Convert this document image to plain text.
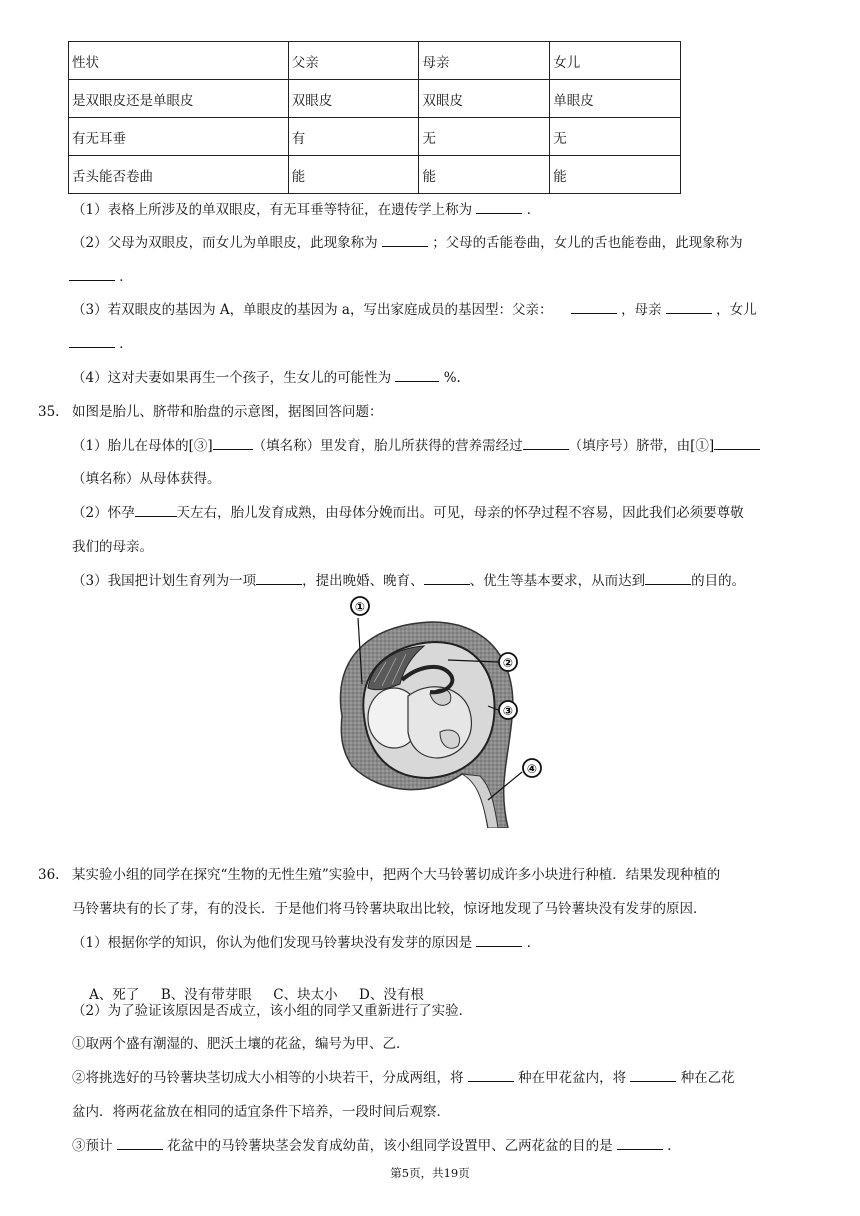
性状	父亲	母亲	女儿
是双眼皮还是单眼皮	双眼皮	双眼皮	单眼皮
有无耳垂	有	无	无
舌头能否卷曲	能	能	能
（1）表格上所涉及的单双眼皮，有无耳垂等特征，在遗传学上称为	．
（2）父母为双眼皮，而女儿为单眼皮，此现象称为	；父母的舌能卷曲，女儿的舌也能卷曲，此现象称为
．
（3）若双眼皮的基因为 A，单眼皮的基因为 a，写出家庭成员的基因型：父亲：	，母亲	，女儿
．
（4）这对夫妻如果再生一个孩子，生女儿的可能性为	%.
35. 如图是胎儿、脐带和胎盘的示意图，据图回答问题：
（1）胎儿在母体的[③]	（填名称）里发育，胎儿所获得的营养需经过	（填序号）脐带，由[①]
（填名称）从母体获得。
（2）怀孕	天左右，胎儿发育成熟，由母体分娩而出。可见，母亲的怀孕过程不容易，因此我们必须要尊敬
我们的母亲。
（3）我国把计划生育列为一项	，提出晚婚、晚育、	、优生等基本要求，从而达到	的目的。
①
②
③
④
36. 某实验小组的同学在探究“生物的无性生殖”实验中，把两个大马铃薯切成许多小块进行种植．结果发现种植的
马铃薯块有的长了芽，有的没长．于是他们将马铃薯块取出比较，惊讶地发现了马铃薯块没有发芽的原因．
（1）根据你学的知识，你认为他们发现马铃薯块没有发芽的原因是	．

A、死了     B、没有带芽眼     C、块太小     D、没有根

（2）为了验证该原因是否成立，该小组的同学又重新进行了实验．
①取两个盛有潮湿的、肥沃土壤的花盆，编号为甲、乙．
②将挑选好的马铃薯块茎切成大小相等的小块若干，分成两组，将	种在甲花盆内，将	种在乙花
盆内．将两花盆放在相同的适宜条件下培养，一段时间后观察．
③预计	花盆中的马铃薯块茎会发育成幼苗，该小组同学设置甲、乙两花盆的目的是	．
第5页，共19页
